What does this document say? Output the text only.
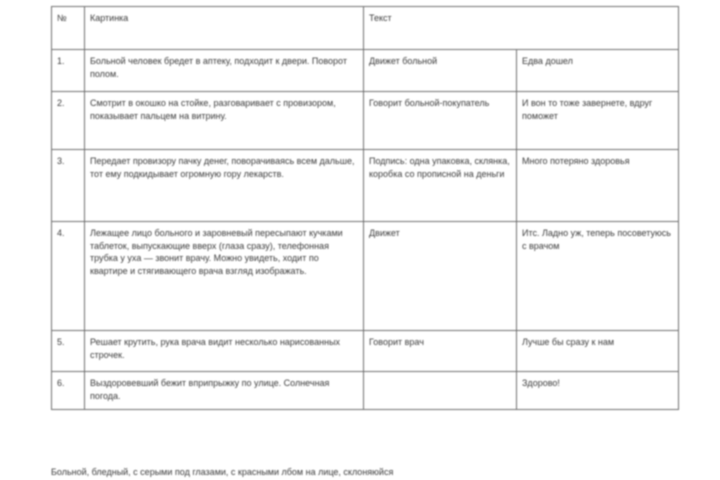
№	Картинка	Текст	
1.	Больной человек бредет в аптеку, подходит к двери. Поворот полом.	Движет больной	Едва дошел
2.	Смотрит в окошко на стойке, разговаривает с провизором, показывает пальцем на витрину.	Говорит больной-покупатель	И вон то тоже завернете, вдруг поможет
3.	Передает провизору пачку денег, поворачиваясь всем дальше, тот ему подкидывает огромную гору лекарств.	Подпись: одна упаковка, склянка, коробка со прописной на деньги	Много потеряно здоровья
4.	Лежащее лицо больного и заровневый пересыпают кучками таблеток, выпускающие вверх (глаза сразу), телефонная трубка у уха — звонит врачу. Можно увидеть, ходит по квартире и стягивающего врача взгляд изображать.	Движет	Итс. Ладно уж, теперь посоветуюсь с врачом
5.	Решает крутить, рука врача видит несколько нарисованных строчек.	Говорит врач	Лучше бы сразу к нам
6.	Выздоровевший бежит вприпрыжку по улице. Солнечная погода.		Здорово!
Больной, бледный, с серыми под глазами, с красными лбом на лице, склоняюйся
